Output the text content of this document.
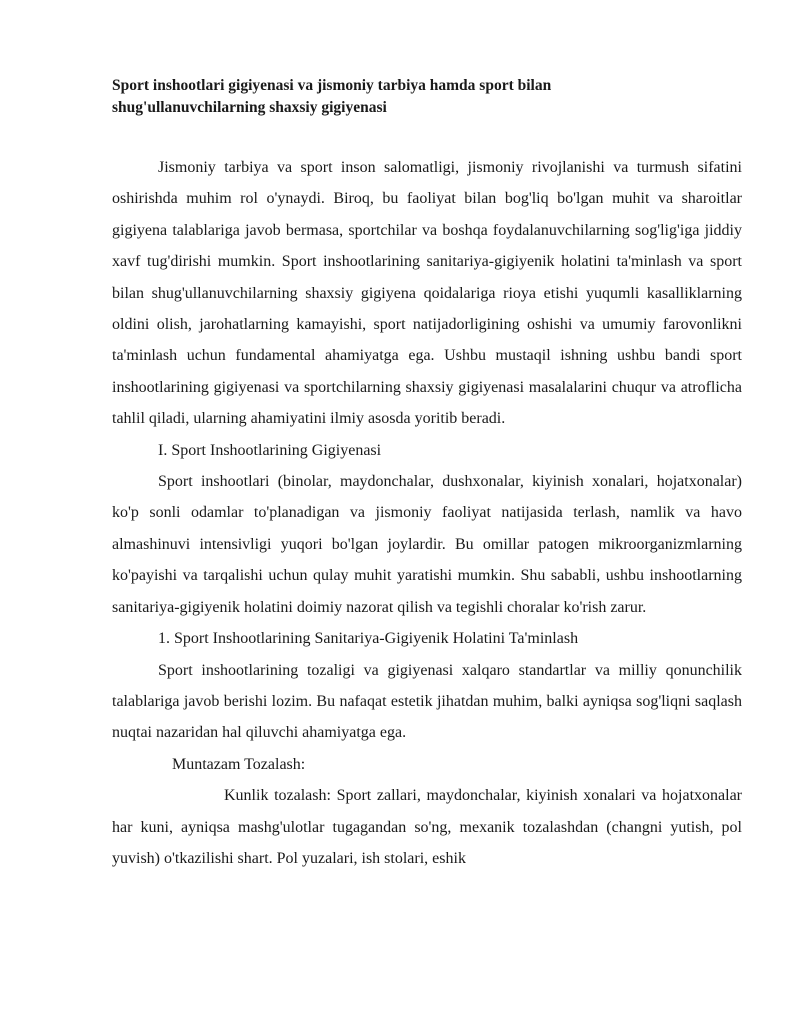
Sport inshootlari gigiyenasi va jismoniy tarbiya hamda sport bilan
shug'ullanuvchilarning shaxsiy gigiyenasi

Jismoniy tarbiya va sport inson salomatligi, jismoniy rivojlanishi va turmush sifatini oshirishda muhim rol o'ynaydi. Biroq, bu faoliyat bilan bog'liq bo'lgan muhit va sharoitlar gigiyena talablariga javob bermasa, sportchilar va boshqa foydalanuvchilarning sog'lig'iga jiddiy xavf tug'dirishi mumkin. Sport inshootlarining sanitariya-gigiyenik holatini ta'minlash va sport bilan shug'ullanuvchilarning shaxsiy gigiyena qoidalariga rioya etishi yuqumli kasalliklarning oldini olish, jarohatlarning kamayishi, sport natijadorligining oshishi va umumiy farovonlikni ta'minlash uchun fundamental ahamiyatga ega. Ushbu mustaqil ishning ushbu bandi sport inshootlarining gigiyenasi va sportchilarning shaxsiy gigiyenasi masalalarini chuqur va atroflicha tahlil qiladi, ularning ahamiyatini ilmiy asosda yoritib beradi.

I. Sport Inshootlarining Gigiyenasi

Sport inshootlari (binolar, maydonchalar, dushxonalar, kiyinish xonalari, hojatxonalar) ko'p sonli odamlar to'planadigan va jismoniy faoliyat natijasida terlash, namlik va havo almashinuvi intensivligi yuqori bo'lgan joylardir. Bu omillar patogen mikroorganizmlarning ko'payishi va tarqalishi uchun qulay muhit yaratishi mumkin. Shu sababli, ushbu inshootlarning sanitariya-gigiyenik holatini doimiy nazorat qilish va tegishli choralar ko'rish zarur.

1. Sport Inshootlarining Sanitariya-Gigiyenik Holatini Ta'minlash

Sport inshootlarining tozaligi va gigiyenasi xalqaro standartlar va milliy qonunchilik talablariga javob berishi lozim. Bu nafaqat estetik jihatdan muhim, balki ayniqsa sog'liqni saqlash nuqtai nazaridan hal qiluvchi ahamiyatga ega.

Muntazam Tozalash:

Kunlik tozalash: Sport zallari, maydonchalar, kiyinish xonalari va hojatxonalar har kuni, ayniqsa mashg'ulotlar tugagandan so'ng, mexanik tozalashdan (changni yutish, pol yuvish) o'tkazilishi shart. Pol yuzalari, ish stolari, eshik
